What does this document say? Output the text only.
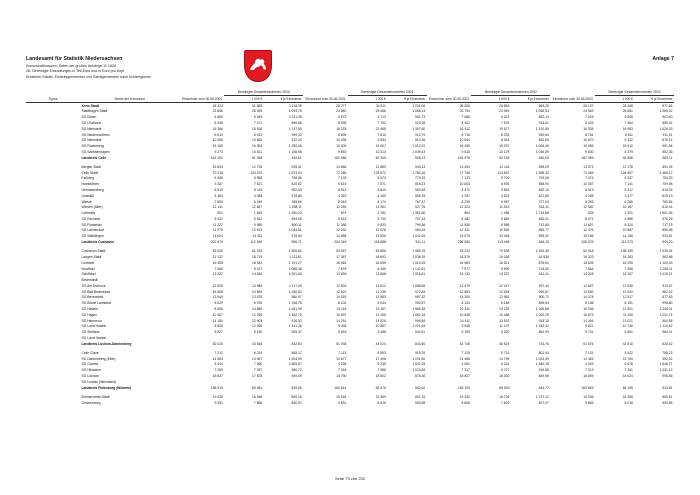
Landesamt für Statistik Niedersachsen
Kommunalfinanzen: Daten der großen Anhänge 11 1828
2B. Bereinigte Einzahlungen in Teil-Euro und in Euro pro Kopf
Kreisfreie Städte, Einheitsgemeinden und Samtgemeinden nach Kreisregionen
Anlage 7
Typus	Name der Kommune	Einwohner zum 30.06.2000	Bereinigte Gesamteinnahmen 2000		Einwohner zum 30.06.2001	Bereinigte Gesamteinnahmen 2001		Einwohner zum 30.06.2002	Bereinigte Gesamteinnahmen 2002		Einwohner zum 30.06.2003	Bereinigte Gesamteinnahmen 2003	
			1 000 €	€ je Einwohner		1 000 €	€ je Einwohner		1 000 €	€ je Einwohner		1 000 €	€ je Einwohner
	Kreis Stadt	28 323	31 685	1 118,35	28 277	34 811	1 231,06	28 306	26 863	869,25	28 157	24 498	871,66
	Stadthagen,Stadt	23 856	26 095	1 093,78	23 840	25 466	1 068,13	23 794	24 949	1 048,53	23 563	25 661	1 089,02
	SG Eilsen	4 869	5 049	1 011,45	4 873	4 713	962,73	7 086	6 323	892,13	7 025	9 645	903,60
	SG Lindhorst	8 336	7 471	896,86	8 395	7 752	923,35	8 402	7 676	913,61	8 425	7 464	885,92
	SG Nienstedt	16 366	18 618	1 137,59	16 378	21 488	1 307,60	16 412	19 577	1 192,85	16 535	16 983	1 026,03
	SG Niedernwöhren	8 619	8 913	999,32	8 605	7 810	910,79	8 716	8 233	949,64	8 781	8 811	911,31
	SG Nienstedt	10 356	10 663	972,24	10 498	9 554	910,36	10 644	8 944	840,60	10 670	9 332	876,14
	SG Rodenberg	15 180	16 354	1 259,08	15 309	15 507	1 012,91	15 455	15 937	1 006,46	15 985	15 910	991,54
	SG Sachsenhagen	9 273	10 821	1 166,96	9 653	10 313	1 039,43	9 816	10 178	1 036,89	9 830	8 379	852,36
	Landkreis Celle	181 264	81 498	449,61	181 986	82 309	508,13	181 976	93 135	460,09	182 389	92 856	509,11

	Bergen,Stadt	15 833	12 734	925,41	13 666	12 889	943,13	13 494	12 116	898,29	13 573	12 176	891,26
	Celle,Stadt	72 918	143 470	1 873,04	72 280	128 672	1 780,16	71 736	114 657	1 598,32	71 459	104 897	1 468,12
	Faßberg	6 988	5 968	798,86	7 133	5 573	779,15	7 133	5 700	799,06	7 074	5 337	754,29
	Hambühren	9 287	7 621	820,62	9 619	7 871	818,23	10 003	8 593	858,90	10 067	7 141	709,98
	Hermannsburg	8 519	8 115	952,53	8 513	4 849	569,48	8 471	5 863	692,19	8 519	5 317	618,26
	Unterlüß	4 483	4 388	978,80	4 362	4 169	955,78	4 297	3 523	821,80	4 265	3 477	815,19
	Wietze	7 653	6 249	768,60	8 043	8 174	767,47	8 239	5 987	727,03	8 265	6 285	760,84
	Winsen (Aller)	12 141	12 847	1 058,11	12 246	11 361	927,76	12 423	11 513	918,41	12 582	10 187	810,44
	Lohheide	901	1 645	1 930,20	874	1 181	1 351,80	864	1 486	1 719,86	825	1 321	1 601,96
	SG Eschede	8 447	5 512	654,06	8 513	5 730	707,34	8 482	5 689	680,41	8 471	4 886	576,26
	SG Flotwedel	11 222	9 989	890,11	11 368	9 533	799,36	11 559	8 586	742,80	11 607	8 324	717,15
	SG Lachendorf	11 976	12 513	1 044,81	12 092	12 026	994,19	12 321	10 569	855,77	12 476	10 887	856,98
	SG Wathlingen	14 624	14 311	978,59	14 858	15 536	1 041,09	15 075	13 454	895,41	15 166	14 158	933,51
	Landkreis Cuxhaven	202 879	112 945	556,71	204 349	118 688	511,11	206 950	113 498	548,43	208 029	112 073	549,20

	Cuxhaven,Stadt	53 926	81 233	1 505,82	53 557	83 856	1 565,76	53 224	79 538	1 494,38	52 918	108 339	2 039,34
	Langen,Stadt	21 132	18 719	1 111,81	17 387	18 692	1 036,76	18 579	19 036	18 539	18 323	18 283	982,86
	Loxstedt	16 455	18 543	1 191,27	16 463	16 635	1 010,25	16 983	16 821	878,81	18 505	16 295	1 100,43
	Nordholz	7 485	8 147	1 088,46	7 678	8 345	1 142,81	7 577	5 899	718,50	7 664	7 956	1 038,11
	Schiffdorf	13 322	14 545	1 091,80	13 839	13 868	1 016,61	14 132	13 337	942,41	14 028	14 297	1 019,21
	Beverstedt												
	SG Am Dobrock	12 525	13 985	1 117,09	12 503	13 612	1 088,68	12 479	12 447	997,44	12 607	12 536	919,07
	SG Bad Bederkesa	15 469	14 659	1 150,62	12 522	12 236	972,84	12 663	12 484	990,87	12 530	12 054	962,02
	SG Beverstedt	13 949	13 675	980,97	14 163	13 983	987,32	14 300	12 981	900,71	14 378	12 517	877,83
	SG Börde Lamstedt	8 029	6 976	1 158,75	8 102	6 044	990,57	8 153	6 148	895,54	8 158	6 151	998,80
	SG Hadeln	8 906	14 685	1 481,90	13 118	13 167	1 588,38	10 241	13 159	1 266,86	10 336	12 821	1 245,01
	SG Hagen	10 367	12 255	1 182,70	10 697	11 150	1 062,18	10 848	10 488	1 020,25	10 879	11 108	1 011,74
	SG Hemmoor	14 150	12 903	916,53	14 251	14 526	998,59	14 411	13 531	918,15	14 394	13 021	904,58
	SG Land Hadeln	8 805	12 496	1 441,26	9 058	10 887	1 201,94	9 545	11 197	1 153,32	9 821	10 746	1 114,62
	SG Sietland	5 827	5 150	905,37	5 816	5 488	944,51	5 783	5 002	864,99	5 741	5 651	984,41
	SG Land Hadeln												
	Landkreis Lüchow-Dannenberg	52 025	43 848	842,83	51 938	44 024	843,50	51 746	38 524	743,76	51 676	42 810	828,42

	Celle Clave	7 212	6 234	865,17	7 113	6 593	915,76	7 125	5 714	801,94	7 151	5 422	758,23
	SG Dannenberg (Elbe)	14 583	14 967	1 024,99	14 677	17 498	1 191,50	14 466	14 795	1 023,39	14 463	15 769	952,32
	SG Gartow	4 444	7 360	1 805,67	4 038	6 235	1 542,25	4 061	6 424	1 584,18	4 049	6 676	1 646,71
	SG Hitzacker	7 269	7 257	980,72	7 316	7 586	1 023,89	7 317	6 727	916,55	7 319	7 341	1 031,12
	SG Lüchow	18 837	17 878	949,09	18 790	18 502	878,30	18 827	16 002	849,96	18 694	18 624	995,66
	SG Luckau (Wendland)												
	Landkreis Rotenburg (Wümme)	158 519	85 451	539,06	160 614	83 576	582,62	163 193	88 903	544,77	163 863	84 195	513,81

	Bremervörde,Stadt	19 039	16 948	890,16	19 164	15 369	801,15	19 332	16 726	1 797,12	19 336	18 358	889,51
	Gnarrenburg	9 351	7 860	840,57	9 531	8 618	903,58	8 608	7 601	827,97	9 669	8 018	899,56
Seite 73 von 232
